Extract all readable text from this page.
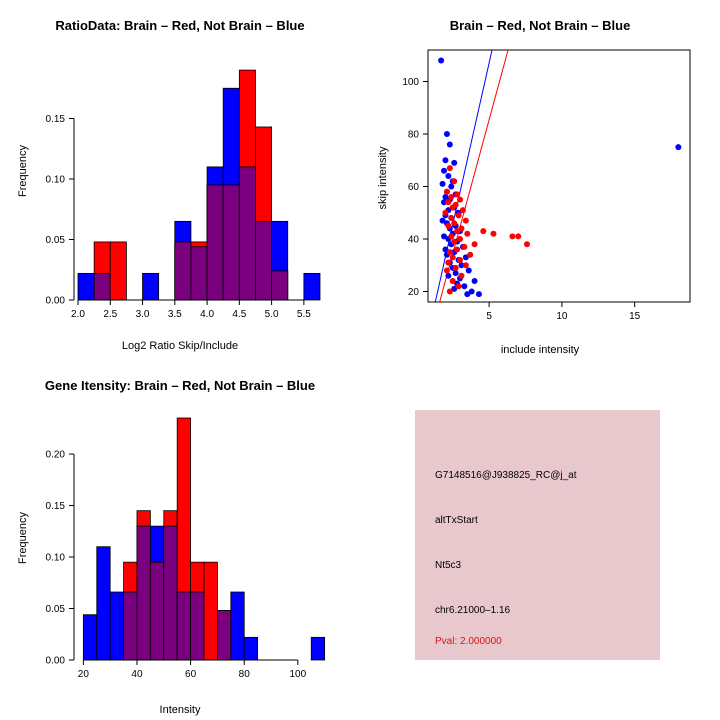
RatioData: Brain – Red, Not Brain – Blue
2.0 2.5 3.0 3.5 4.0 4.5 5.0 5.5
0.00
0.05
0.10
0.15
Log2 Ratio Skip/Include
Frequency
Brain – Red, Not Brain – Blue
5	10	15
20
40
60
80
100
include intensity
skip intensity
Gene Itensity: Brain – Red, Not Brain – Blue
20	40	60	80	100
0.00
0.05
0.10
0.15
0.20
Intensity
Frequency
G7148516@J938825_RC@j_at
altTxStart
Nt5c3
chr6.21000–1.16
Pval: 2.000000
